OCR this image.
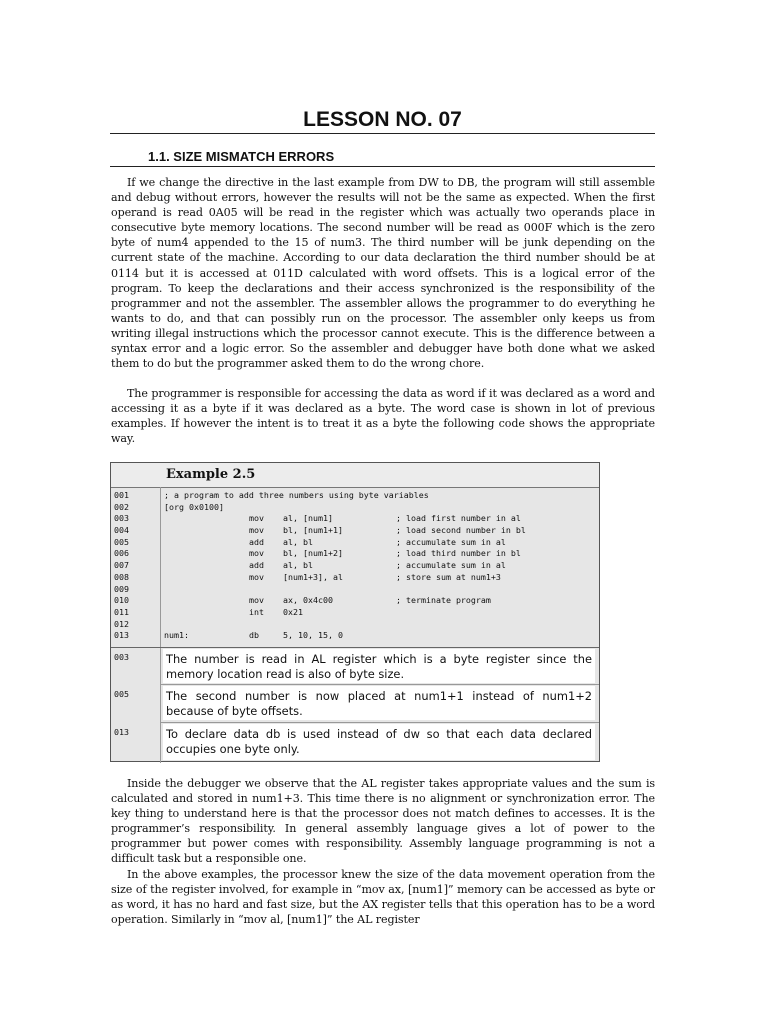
LESSON NO. 07
1.1. SIZE MISMATCH ERRORS

If we change the directive in the last example from DW to DB, the program will still assemble and debug without errors, however the results will not be the same as expected. When the first operand is read 0A05 will be read in the register which was actually two operands place in consecutive byte memory locations. The second number will be read as 000F which is the zero byte of num4 appended to the 15 of num3. The third number will be junk depending on the current state of the machine. According to our data declaration the third number should be at 0114 but it is accessed at 011D calculated with word offsets. This is a logical error of the program. To keep the declarations and their access synchronized is the responsibility of the programmer and not the assembler. The assembler allows the programmer to do everything he wants to do, and that can possibly run on the processor. The assembler only keeps us from writing illegal instructions which the processor cannot execute. This is the difference between a syntax error and a logic error. So the assembler and debugger have both done what we asked them to do but the programmer asked them to do the wrong chore.

The programmer is responsible for accessing the data as word if it was declared as a word and accessing it as a byte if it was declared as a byte. The word case is shown in lot of previous examples. If however the intent is to treat it as a byte the following code shows the appropriate way.

Example 2.5
001	; a program to add three numbers using byte variables
002	[org 0x0100]
003	mov al, [num1]	; load first number in al
004	mov bl, [num1+1]	; load second number in bl
005	add al, bl	; accumulate sum in al
006	mov bl, [num1+2]	; load third number in bl
007	add al, bl	; accumulate sum in al
008	mov [num1+3], al	; store sum at num1+3
009
010	mov ax, 0x4c00	; terminate program
011	int 0x21
012
013	num1:	db	5, 10, 15, 0
003	The number is read in AL register which is a byte register since the memory location read is also of byte size.
005	The second number is now placed at num1+1 instead of num1+2 because of byte offsets.
013	To declare data db is used instead of dw so that each data declared occupies one byte only.

Inside the debugger we observe that the AL register takes appropriate values and the sum is calculated and stored in num1+3. This time there is no alignment or synchronization error. The key thing to understand here is that the processor does not match defines to accesses. It is the programmer’s responsibility. In general assembly language gives a lot of power to the programmer but power comes with responsibility. Assembly language programming is not a difficult task but a responsible one.

In the above examples, the processor knew the size of the data movement operation from the size of the register involved, for example in “mov ax, [num1]” memory can be accessed as byte or as word, it has no hard and fast size, but the AX register tells that this operation has to be a word operation. Similarly in “mov al, [num1]” the AL register
